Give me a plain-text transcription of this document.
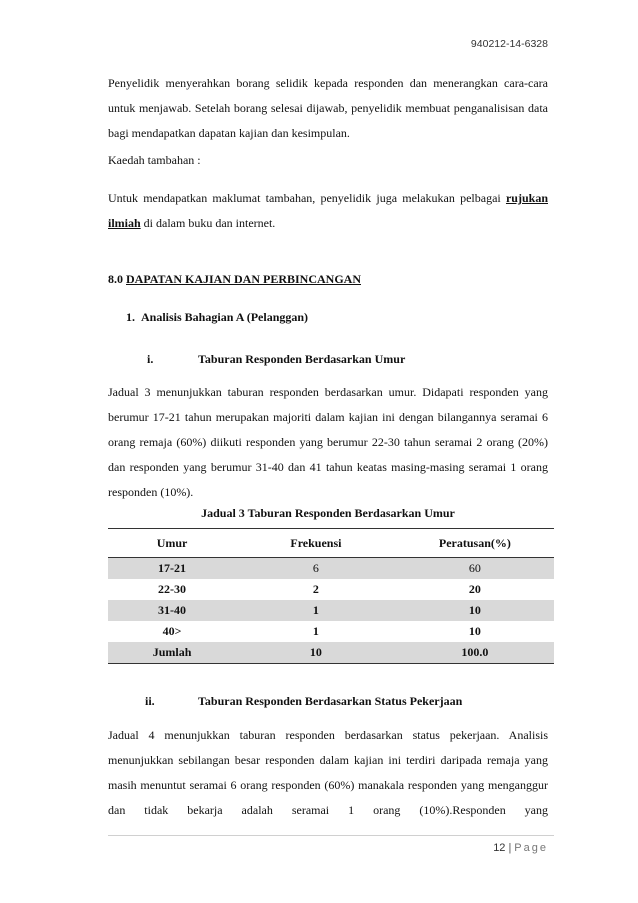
940212-14-6328

Penyelidik menyerahkan borang selidik kepada responden dan menerangkan cara-cara untuk menjawab. Setelah borang selesai dijawab, penyelidik membuat penganalisisan data bagi mendapatkan dapatan kajian dan kesimpulan.

Kaedah tambahan :

Untuk mendapatkan maklumat tambahan, penyelidik juga melakukan pelbagai rujukan ilmiah di dalam buku dan internet.

8.0 DAPATAN KAJIAN DAN PERBINCANGAN
1. Analisis Bahagian A (Pelanggan)
i.	Taburan Responden Berdasarkan Umur

Jadual 3 menunjukkan taburan responden berdasarkan umur. Didapati responden yang berumur 17-21 tahun merupakan majoriti dalam kajian ini dengan bilangannya seramai 6 orang remaja (60%) diikuti responden yang berumur 22-30 tahun seramai 2 orang (20%) dan responden yang berumur 31-40 dan 41 tahun keatas masing-masing seramai 1 orang responden (10%).

Jadual 3 Taburan Responden Berdasarkan Umur
Umur	Frekuensi	Peratusan(%)
17-21	6	60
22-30	2	20
31-40	1	10
40>	1	10
Jumlah	10	100.0
ii.	Taburan Responden Berdasarkan Status Pekerjaan

Jadual 4 menunjukkan taburan responden berdasarkan status pekerjaan. Analisis menunjukkan sebilangan besar responden dalam kajian ini terdiri daripada remaja yang masih menuntut seramai 6 orang responden (60%) manakala responden yang menganggur dan tidak bekarja adalah seramai 1 orang (10%).Responden yang

12 | Page
